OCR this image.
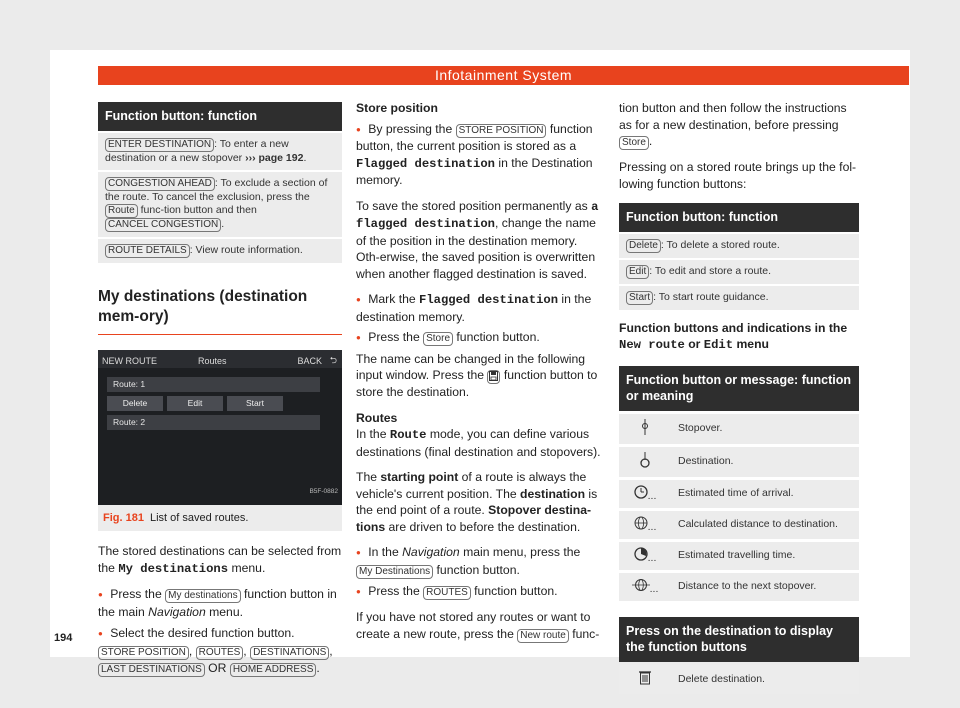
Infotainment System
Function button: function
ENTER DESTINATION : To enter a new destination or a new stopover ››› page 192.
CONGESTION AHEAD : To exclude a section of the route. To cancel the exclusion, press the Route func-tion button and then CANCEL CONGESTION .
ROUTE DETAILS : View route information.
My destinations (destination mem-ory)
NEW ROUTE	Routes	BACK ⮌
Route: 1
Delete	Edit	Start
Route: 2
B5F-0882
Fig. 181 List of saved routes.

The stored destinations can be selected from the My destinations menu.

● Press the My destinations function button in the main Navigation menu.

● Select the desired function button.
STORE POSITION , ROUTES , DESTINATIONS , LAST DESTINATIONS OR HOME ADDRESS .

Store position

● By pressing the STORE POSITION function button, the current position is stored as a Flagged destination in the Destination memory.

To save the stored position permanently as a flagged destination, change the name of the position in the destination memory. Oth-erwise, the saved position is overwritten when another flagged destination is saved.

● Mark the Flagged destination in the destination memory.

● Press the Store function button.

The name can be changed in the following input window. Press the function button to store the destination.

Routes

In the Route mode, you can define various destinations (final destination and stopovers).

The starting point of a route is always the vehicle's current position. The destination is the end point of a route. Stopover destina-tions are driven to before the destination.

● In the Navigation main menu, press the My Destinations function button.

● Press the ROUTES function button.

If you have not stored any routes or want to create a new route, press the New route func-

tion button and then follow the instructions as for a new destination, before pressing Store .

Pressing on a stored route brings up the fol-lowing function buttons:

Function button: function
Delete : To delete a stored route.
Edit : To edit and store a route.
Start : To start route guidance.

Function buttons and indications in the New route or Edit menu

Function button or message: function or meaning	
	Stopover.
	Destination.
...	Estimated time of arrival.
...	Calculated distance to destination.
...	Estimated travelling time.
...	Distance to the next stopover.
Press on the destination to display the function buttons
	Delete destination.
194
